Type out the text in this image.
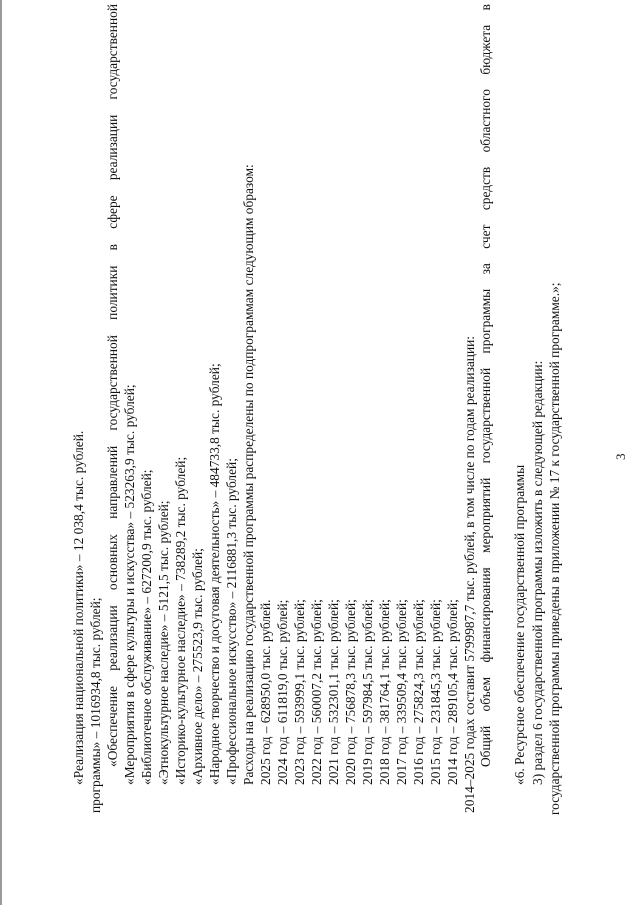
3
государственной программы приведены в приложении № 17 к государственной программе.»;
3) раздел 6 государственной программы изложить в следующей редакции:
«6. Ресурсное обеспечение государственной программы
Общий объем финансирования мероприятий государственной программы за счет средств областного бюджета в
2014–2025 годах составит 5799987,7 тыс. рублей, в том числе по годам реализации:
2014 год – 289105,4 тыс. рублей;
2015 год – 231845,3 тыс. рублей;
2016 год – 275824,3 тыс. рублей;
2017 год – 339509,4 тыс. рублей;
2018 год – 381764,1 тыс. рублей;
2019 год – 597984,5 тыс. рублей;
2020 год – 756878,3 тыс. рублей;
2021 год – 532301,1 тыс. рублей;
2022 год – 560007,2 тыс. рублей;
2023 год – 593999,1 тыс. рублей;
2024 год – 611819,0 тыс. рублей;
2025 год – 628950,0 тыс. рублей.
Расходы на реализацию государственной программы распределены по подпрограммам следующим образом:
«Профессиональное искусство» – 2116881,3 тыс. рублей;
«Народное творчество и досуговая деятельность» – 484733,8 тыс. рублей;
«Архивное дело» – 275523,9 тыс. рублей;
«Историко-культурное наследие» – 738289,2 тыс. рублей;
«Этнокультурное наследие» – 5121,5 тыс. рублей;
«Библиотечное обслуживание» – 627200,9 тыс. рублей;
«Мероприятия в сфере культуры и искусства» – 523263,9 тыс. рублей;
«Обеспечение реализации основных направлений государственной политики в сфере реализации государственной
программы» – 1016934,8 тыс. рублей;
«Реализация национальной политики» – 12 038,4 тыс. рублей.
